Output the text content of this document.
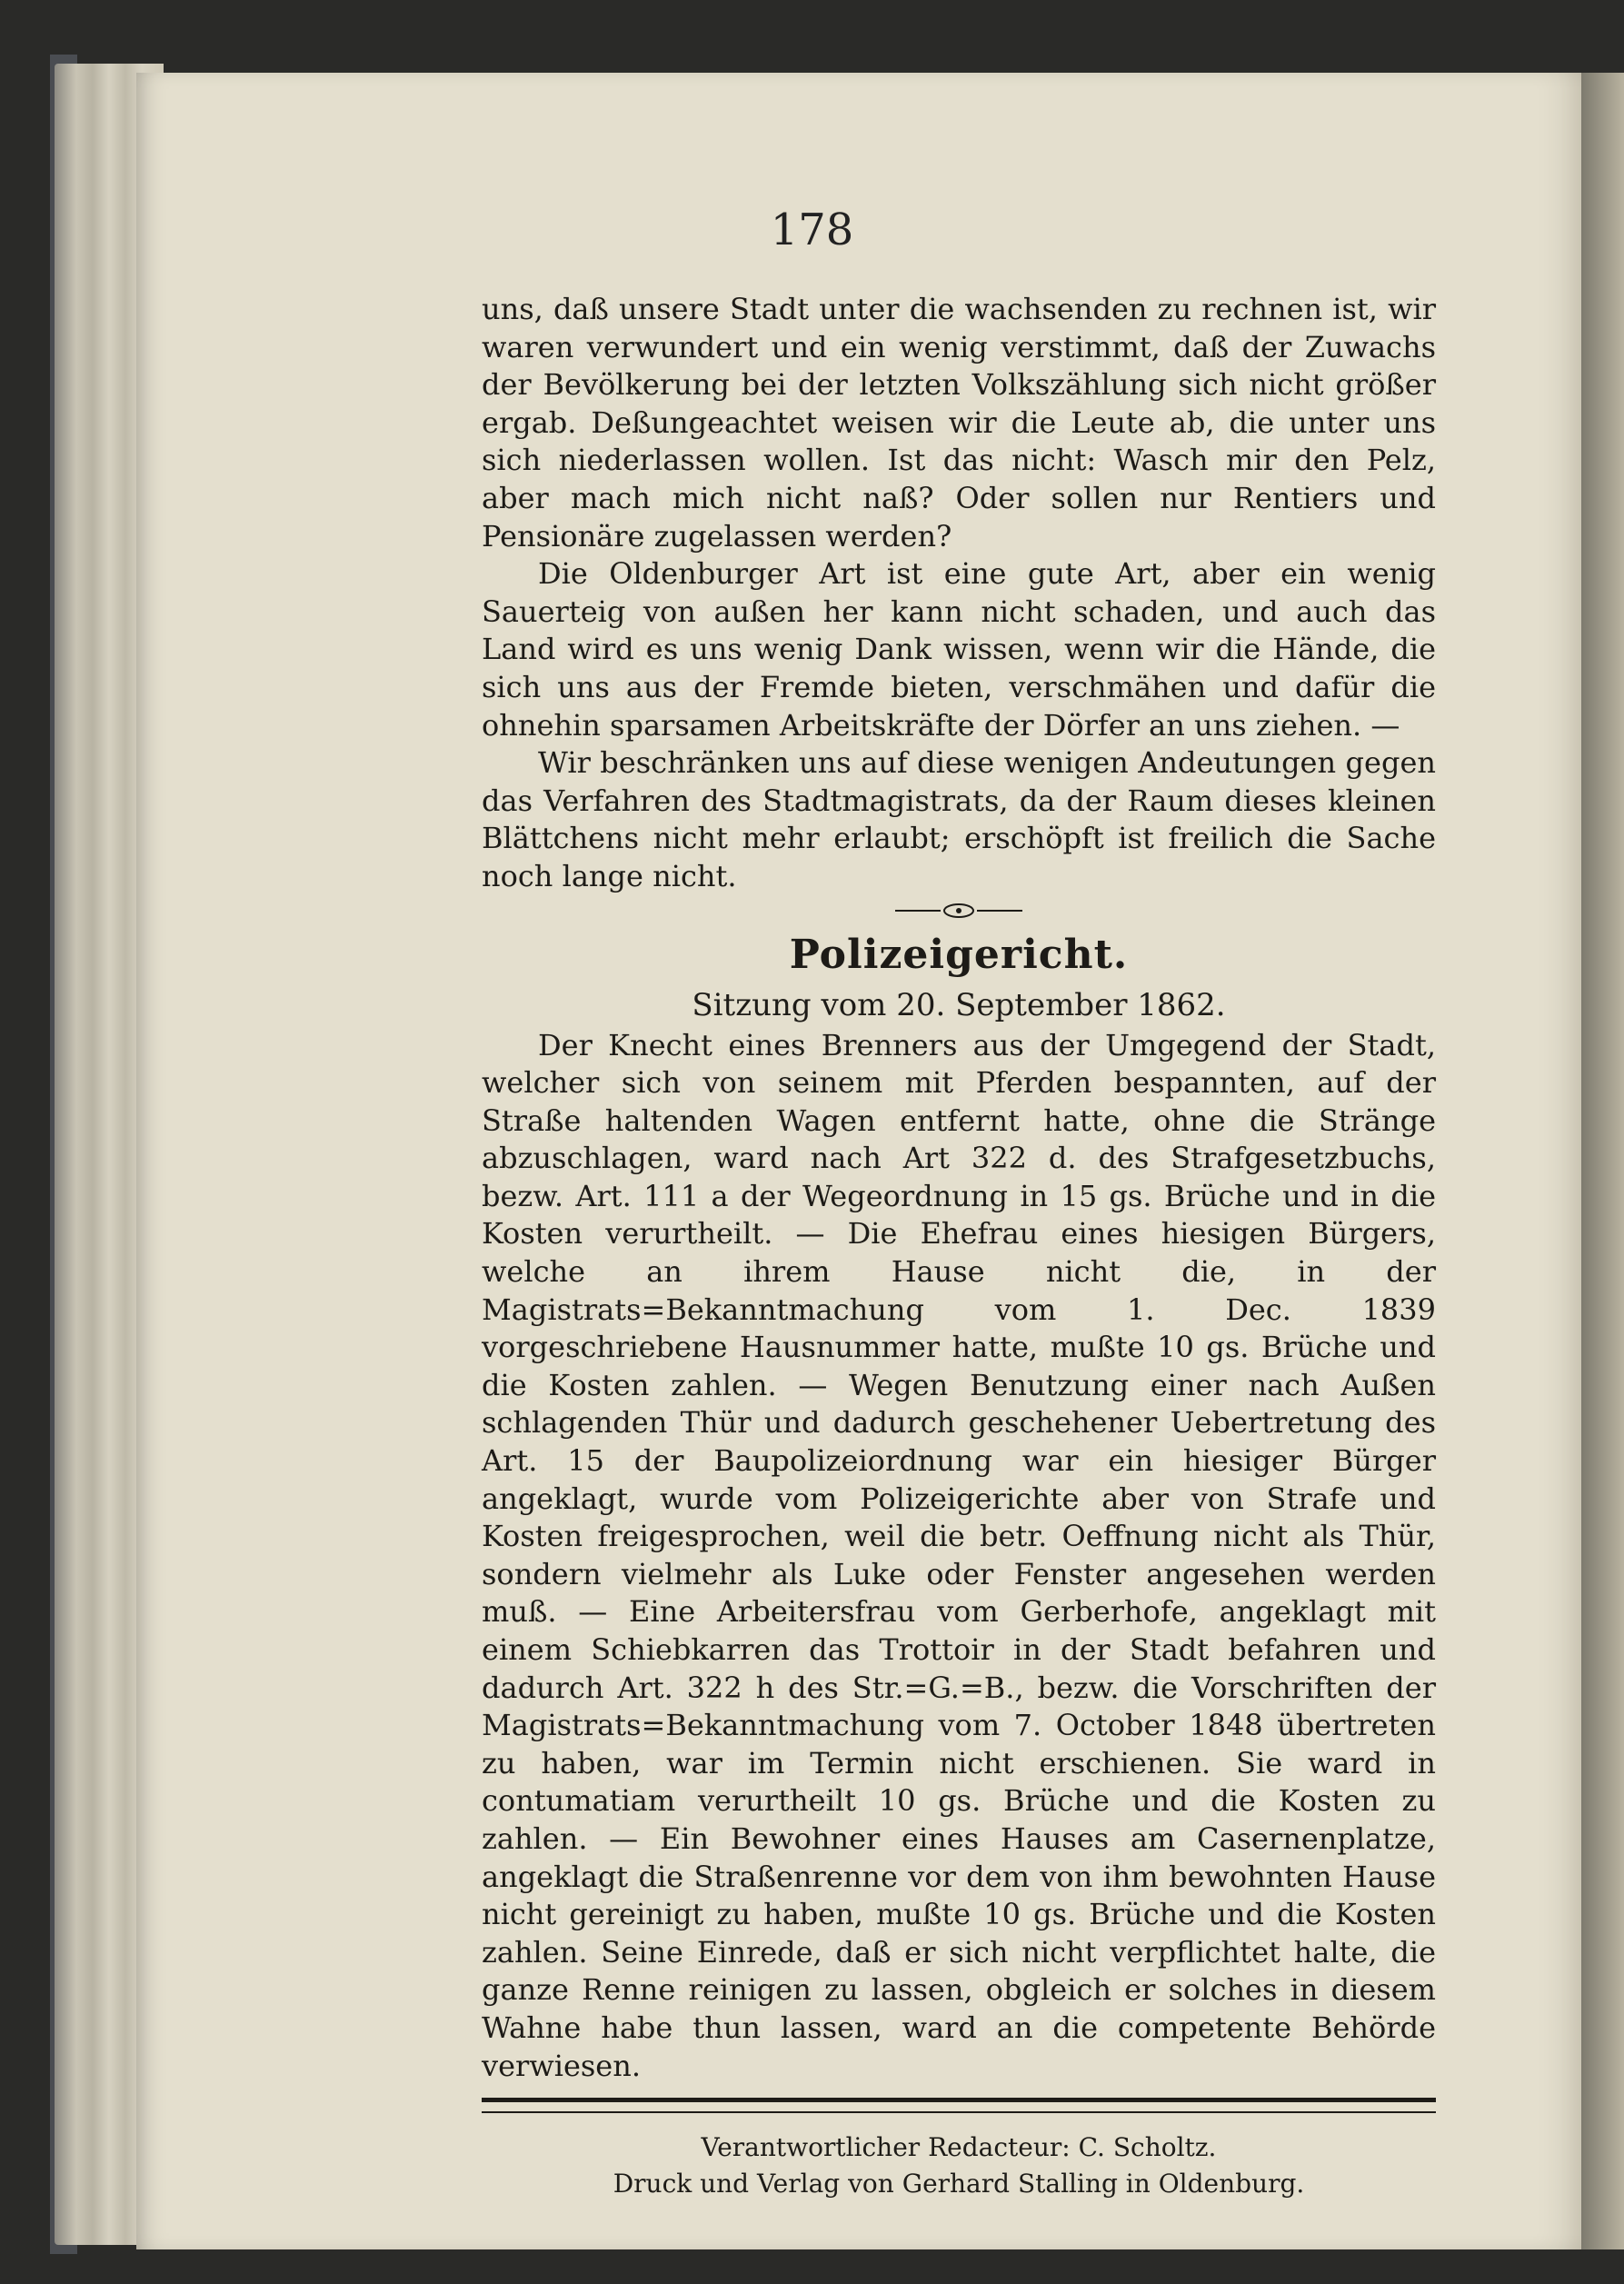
178

uns, daß unsere Stadt unter die wachsenden zu rechnen ist, wir waren verwundert und ein wenig verstimmt, daß der Zuwachs der Bevölkerung bei der letzten Volkszählung sich nicht größer ergab. Deßungeachtet weisen wir die Leute ab, die unter uns sich niederlassen wollen. Ist das nicht: Wasch mir den Pelz, aber mach mich nicht naß? Oder sollen nur Rentiers und Pensionäre zugelassen werden?

Die Oldenburger Art ist eine gute Art, aber ein wenig Sauerteig von außen her kann nicht schaden, und auch das Land wird es uns wenig Dank wissen, wenn wir die Hände, die sich uns aus der Fremde bieten, verschmähen und dafür die ohnehin sparsamen Arbeitskräfte der Dörfer an uns ziehen. —

Wir beschränken uns auf diese wenigen Andeutungen gegen das Verfahren des Stadtmagistrats, da der Raum dieses kleinen Blättchens nicht mehr erlaubt; erschöpft ist freilich die Sache noch lange nicht.

Polizeigericht.
Sitzung vom 20. September 1862.

Der Knecht eines Brenners aus der Umgegend der Stadt, welcher sich von seinem mit Pferden bespannten, auf der Straße haltenden Wagen entfernt hatte, ohne die Stränge abzuschlagen, ward nach Art 322 d. des Strafgesetzbuchs, bezw. Art. 111 a der Wegeordnung in 15 gs. Brüche und in die Kosten verurtheilt. — Die Ehefrau eines hiesigen Bürgers, welche an ihrem Hause nicht die, in der Magistrats=Bekanntmachung vom 1. Dec. 1839 vorgeschriebene Hausnummer hatte, mußte 10 gs. Brüche und die Kosten zahlen. — Wegen Benutzung einer nach Außen schlagenden Thür und dadurch geschehener Uebertretung des Art. 15 der Baupolizeiordnung war ein hiesiger Bürger angeklagt, wurde vom Polizeigerichte aber von Strafe und Kosten freigesprochen, weil die betr. Oeffnung nicht als Thür, sondern vielmehr als Luke oder Fenster angesehen werden muß. — Eine Arbeitersfrau vom Gerberhofe, angeklagt mit einem Schiebkarren das Trottoir in der Stadt befahren und dadurch Art. 322 h des Str.=G.=B., bezw. die Vorschriften der Magistrats=Bekanntmachung vom 7. October 1848 übertreten zu haben, war im Termin nicht erschienen. Sie ward in contumatiam verurtheilt 10 gs. Brüche und die Kosten zu zahlen. — Ein Bewohner eines Hauses am Casernenplatze, angeklagt die Straßenrenne vor dem von ihm bewohnten Hause nicht gereinigt zu haben, mußte 10 gs. Brüche und die Kosten zahlen. Seine Einrede, daß er sich nicht verpflichtet halte, die ganze Renne reinigen zu lassen, obgleich er solches in diesem Wahne habe thun lassen, ward an die competente Behörde verwiesen.

Verantwortlicher Redacteur: C. Scholtz.

Druck und Verlag von Gerhard Stalling in Oldenburg.
